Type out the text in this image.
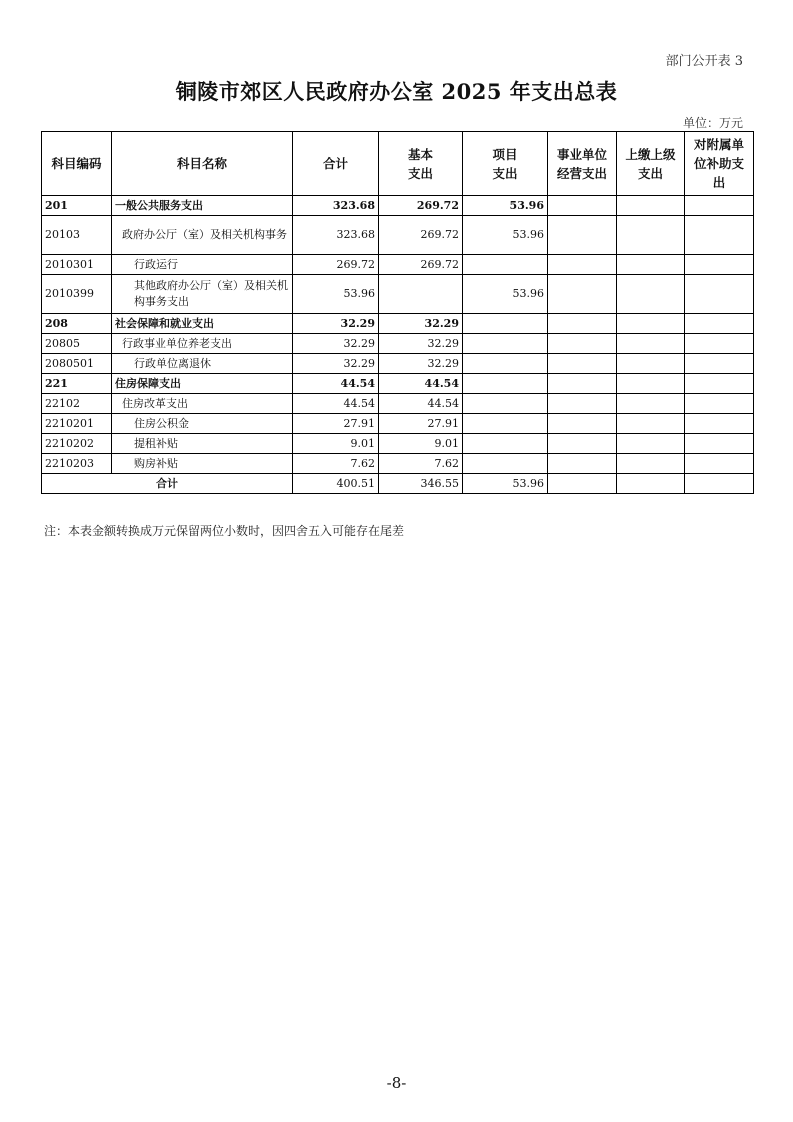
部门公开表 3
铜陵市郊区人民政府办公室 2025 年支出总表
单位：万元
科目编码	科目名称	合计	基本支出	项目支出	事业单位经营支出	上缴上级支出	对附属单位补助支出
201	一般公共服务支出	323.68	269.72	53.96			
20103	政府办公厅（室）及相关机构事务	323.68	269.72	53.96			
2010301	行政运行	269.72	269.72				
2010399	其他政府办公厅（室）及相关机构事务支出	53.96		53.96			
208	社会保障和就业支出	32.29	32.29				
20805	行政事业单位养老支出	32.29	32.29				
2080501	行政单位离退休	32.29	32.29				
221	住房保障支出	44.54	44.54				
22102	住房改革支出	44.54	44.54				
2210201	住房公积金	27.91	27.91				
2210202	提租补贴	9.01	9.01				
2210203	购房补贴	7.62	7.62				
合计		400.51	346.55	53.96			
注：本表金额转换成万元保留两位小数时，因四舍五入可能存在尾差
-8-
